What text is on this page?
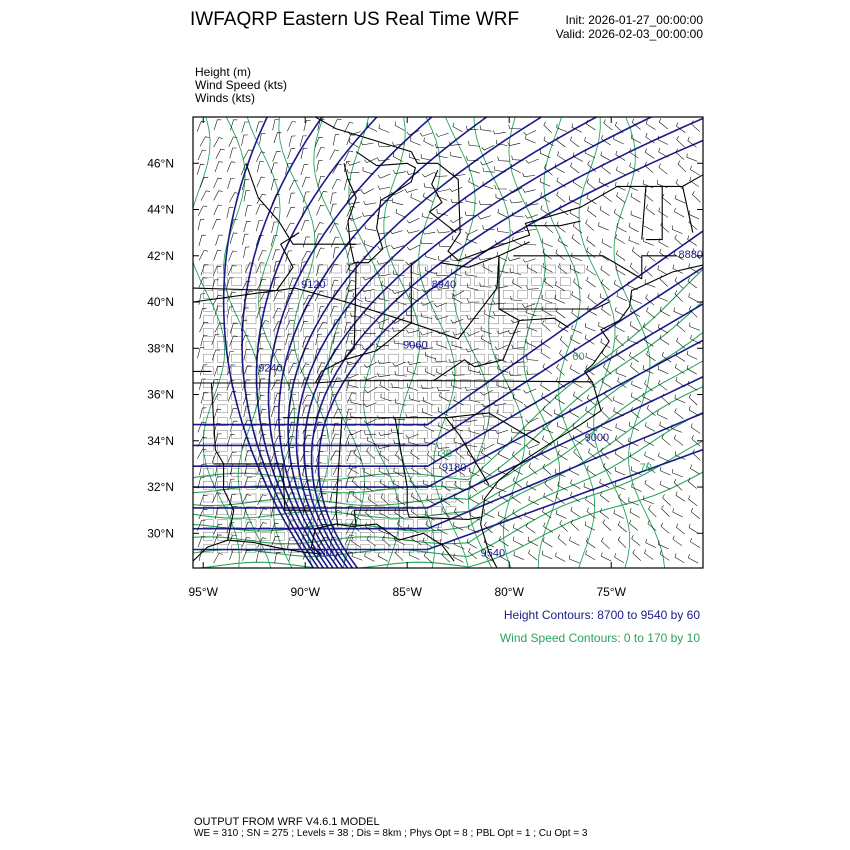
IWFAQRP Eastern US Real Time WRF	Init: 2026-01-27_00:00:00
Valid: 2026-02-03_00:00:00
Height (m)
Wind Speed (kts)
Winds (kts)
9120	8940
9060
9240
9180
9000
8880
9540
9300
60
30
70
95°W	90°W	85°W	80°W	75°W
46°N
44°N
42°N
40°N
38°N
36°N
34°N
32°N
30°N
Height Contours: 8700 to 9540 by 60
Wind Speed Contours: 0 to 170 by 10
OUTPUT FROM WRF V4.6.1 MODEL
WE = 310 ; SN = 275 ; Levels = 38 ; Dis = 8km ; Phys Opt = 8 ; PBL Opt = 1 ; Cu Opt = 3
